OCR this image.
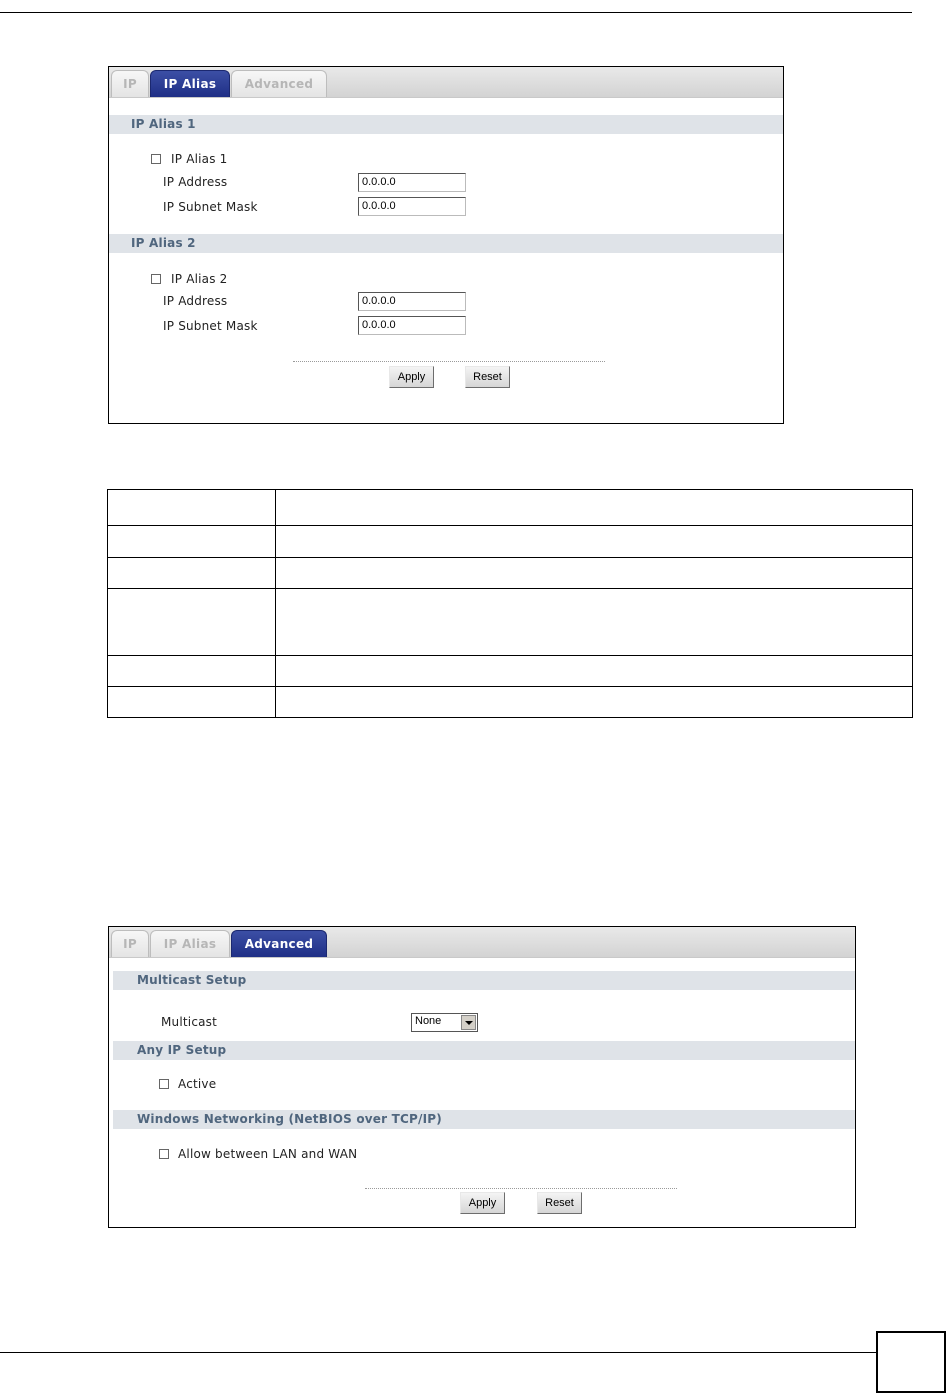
IP	IP Alias	Advanced
IP Alias 1
IP Alias 1
IP Address	0.0.0.0
IP Subnet Mask	0.0.0.0
IP Alias 2
IP Alias 2
IP Address	0.0.0.0
IP Subnet Mask	0.0.0.0
Apply	Reset

IP	IP Alias	Advanced
Multicast Setup
Multicast	None
Any IP Setup
Active
Windows Networking (NetBIOS over TCP/IP)
Allow between LAN and WAN
Apply	Reset
